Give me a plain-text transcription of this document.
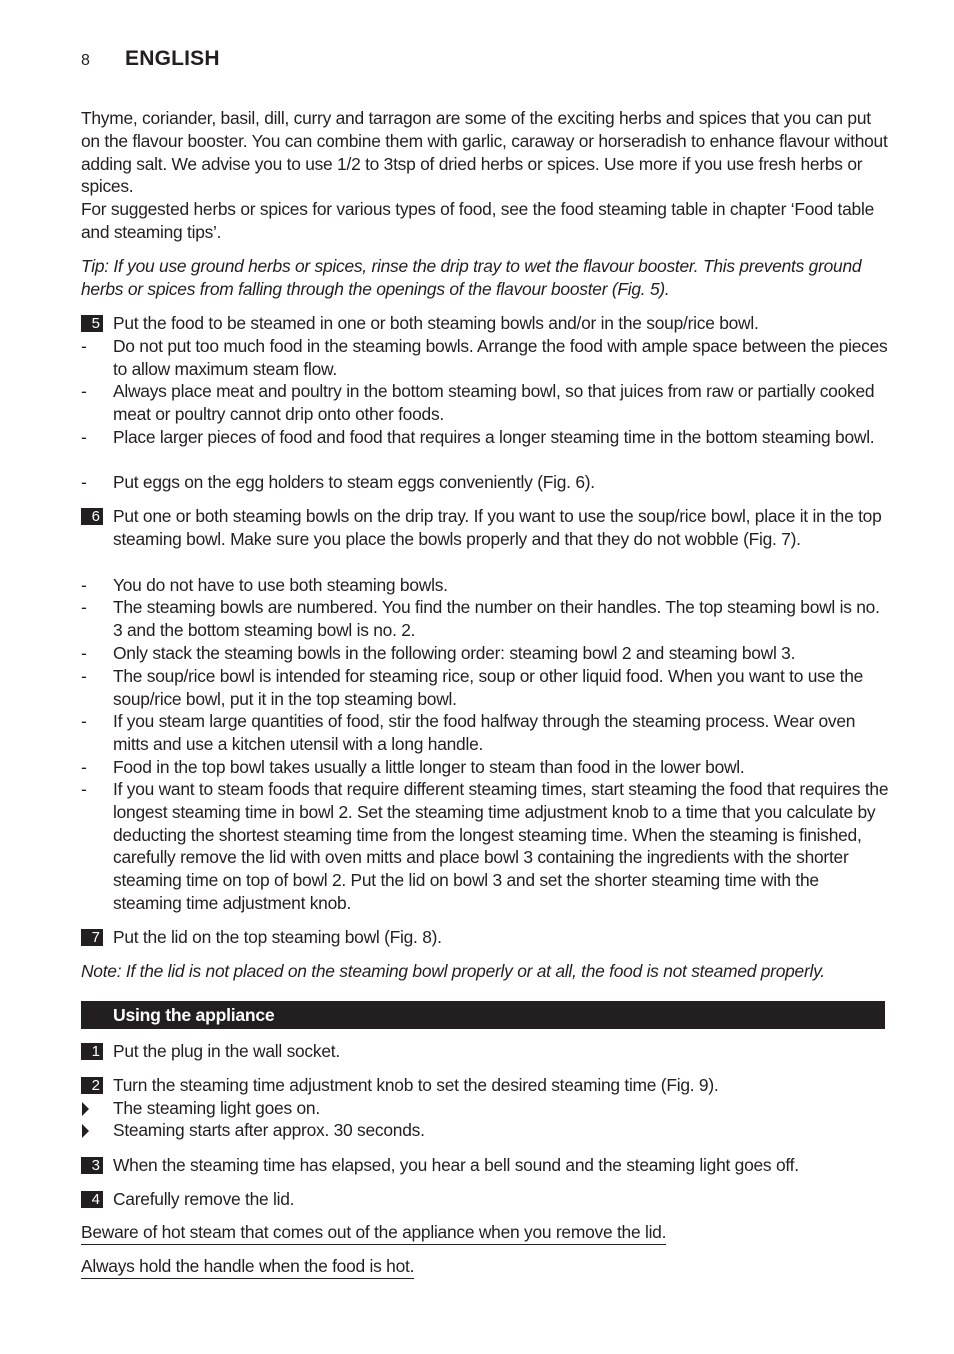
8 ENGLISH

Thyme, coriander, basil, dill, curry and tarragon are some of the exciting herbs and spices that you can put on the flavour booster. You can combine them with garlic, caraway or horseradish to enhance flavour without adding salt. We advise you to use 1/2 to 3tsp of dried herbs or spices. Use more if you use fresh herbs or spices.

For suggested herbs or spices for various types of food, see the food steaming table in chapter ‘Food table and steaming tips’.

Tip: If you use ground herbs or spices, rinse the drip tray to wet the flavour booster. This prevents ground herbs or spices from falling through the openings of the flavour booster (Fig. 5).

5 Put the food to be steamed in one or both steaming bowls and/or in the soup/rice bowl.
- Do not put too much food in the steaming bowls. Arrange the food with ample space between the pieces to allow maximum steam flow.
- Always place meat and poultry in the bottom steaming bowl, so that juices from raw or partially cooked meat or poultry cannot drip onto other foods.
- Place larger pieces of food and food that requires a longer steaming time in the bottom steaming bowl.
- Put eggs on the egg holders to steam eggs conveniently (Fig. 6).
6 Put one or both steaming bowls on the drip tray. If you want to use the soup/rice bowl, place it in the top steaming bowl. Make sure you place the bowls properly and that they do not wobble (Fig. 7).
- You do not have to use both steaming bowls.
- The steaming bowls are numbered. You find the number on their handles. The top steaming bowl is no. 3 and the bottom steaming bowl is no. 2.
- Only stack the steaming bowls in the following order: steaming bowl 2 and steaming bowl 3.
- The soup/rice bowl is intended for steaming rice, soup or other liquid food. When you want to use the soup/rice bowl, put it in the top steaming bowl.
- If you steam large quantities of food, stir the food halfway through the steaming process. Wear oven mitts and use a kitchen utensil with a long handle.
- Food in the top bowl takes usually a little longer to steam than food in the lower bowl.
- If you want to steam foods that require different steaming times, start steaming the food that requires the longest steaming time in bowl 2. Set the steaming time adjustment knob to a time that you calculate by deducting the shortest steaming time from the longest steaming time. When the steaming is finished, carefully remove the lid with oven mitts and place bowl 3 containing the ingredients with the shorter steaming time on top of bowl 2. Put the lid on bowl 3 and set the shorter steaming time with the steaming time adjustment knob.
7 Put the lid on the top steaming bowl (Fig. 8).

Note: If the lid is not placed on the steaming bowl properly or at all, the food is not steamed properly.

Using the appliance
1 Put the plug in the wall socket.
2 Turn the steaming time adjustment knob to set the desired steaming time (Fig. 9).
The steaming light goes on.
Steaming starts after approx. 30 seconds.
3 When the steaming time has elapsed, you hear a bell sound and the steaming light goes off.
4 Carefully remove the lid.
Beware of hot steam that comes out of the appliance when you remove the lid.
Always hold the handle when the food is hot.
